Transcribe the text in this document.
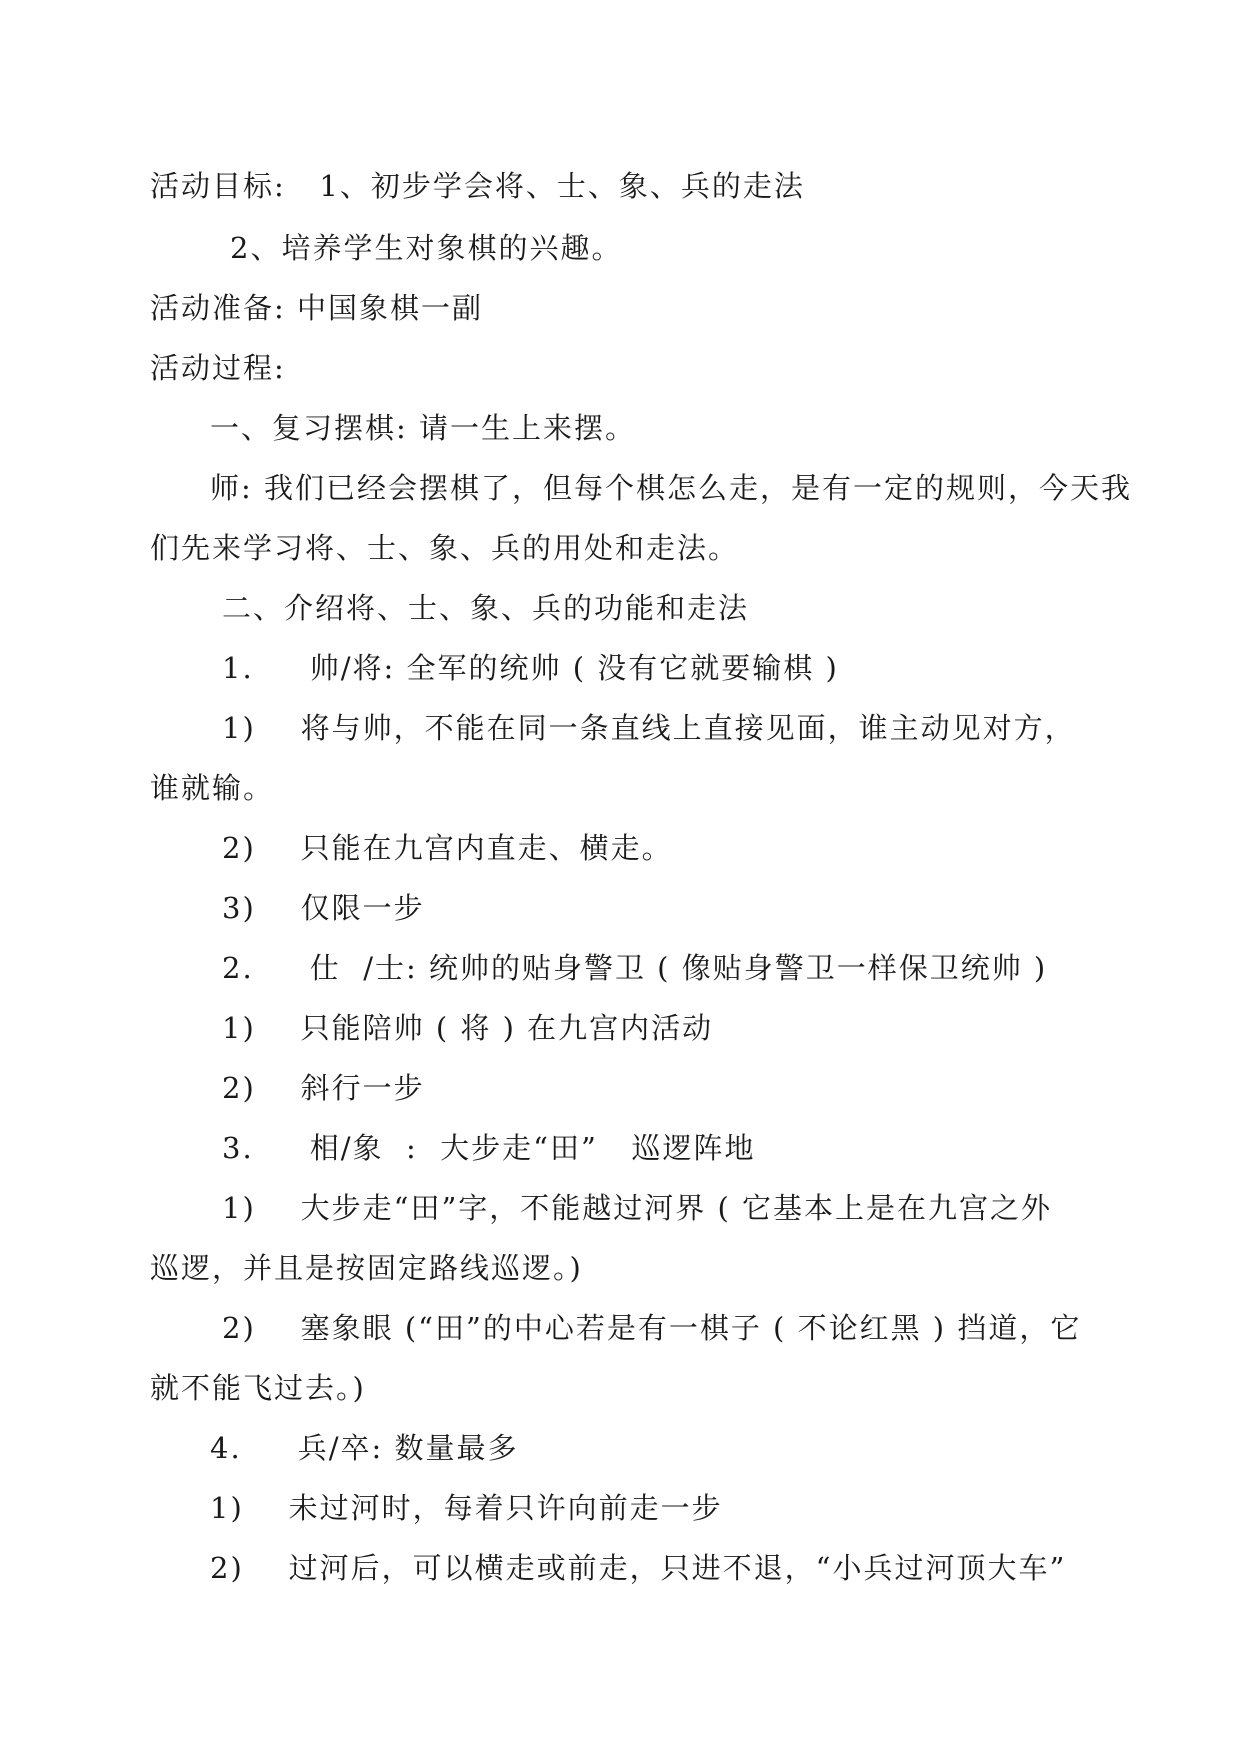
活动目标:   1、初步学会将、士、象、兵的走法
2、培养学生对象棋的兴趣。
活动准备: 中国象棋一副
活动过程:
一、复习摆棋: 请一生上来摆。
师: 我们已经会摆棋了，但每个棋怎么走，是有一定的规则，今天我
们先来学习将、士、象、兵的用处和走法。
二、介绍将、士、象、兵的功能和走法
1.     帅/将: 全军的统帅 ( 没有它就要输棋 )
1)    将与帅，不能在同一条直线上直接见面，谁主动见对方，
谁就输。
2)    只能在九宫内直走、横走。
3)    仅限一步
2.     仕  /士: 统帅的贴身警卫 ( 像贴身警卫一样保卫统帅 )
1)    只能陪帅 ( 将 ) 在九宫内活动
2)    斜行一步
3.     相/象  :  大步走“田”   巡逻阵地
1)    大步走“田”字，不能越过河界 ( 它基本上是在九宫之外
巡逻，并且是按固定路线巡逻。)
2)    塞象眼 (“田”的中心若是有一棋子 ( 不论红黑 ) 挡道，它
就不能飞过去。)
4.     兵/卒: 数量最多
1)    未过河时，每着只许向前走一步
2)    过河后，可以横走或前走，只进不退，“小兵过河顶大车”
